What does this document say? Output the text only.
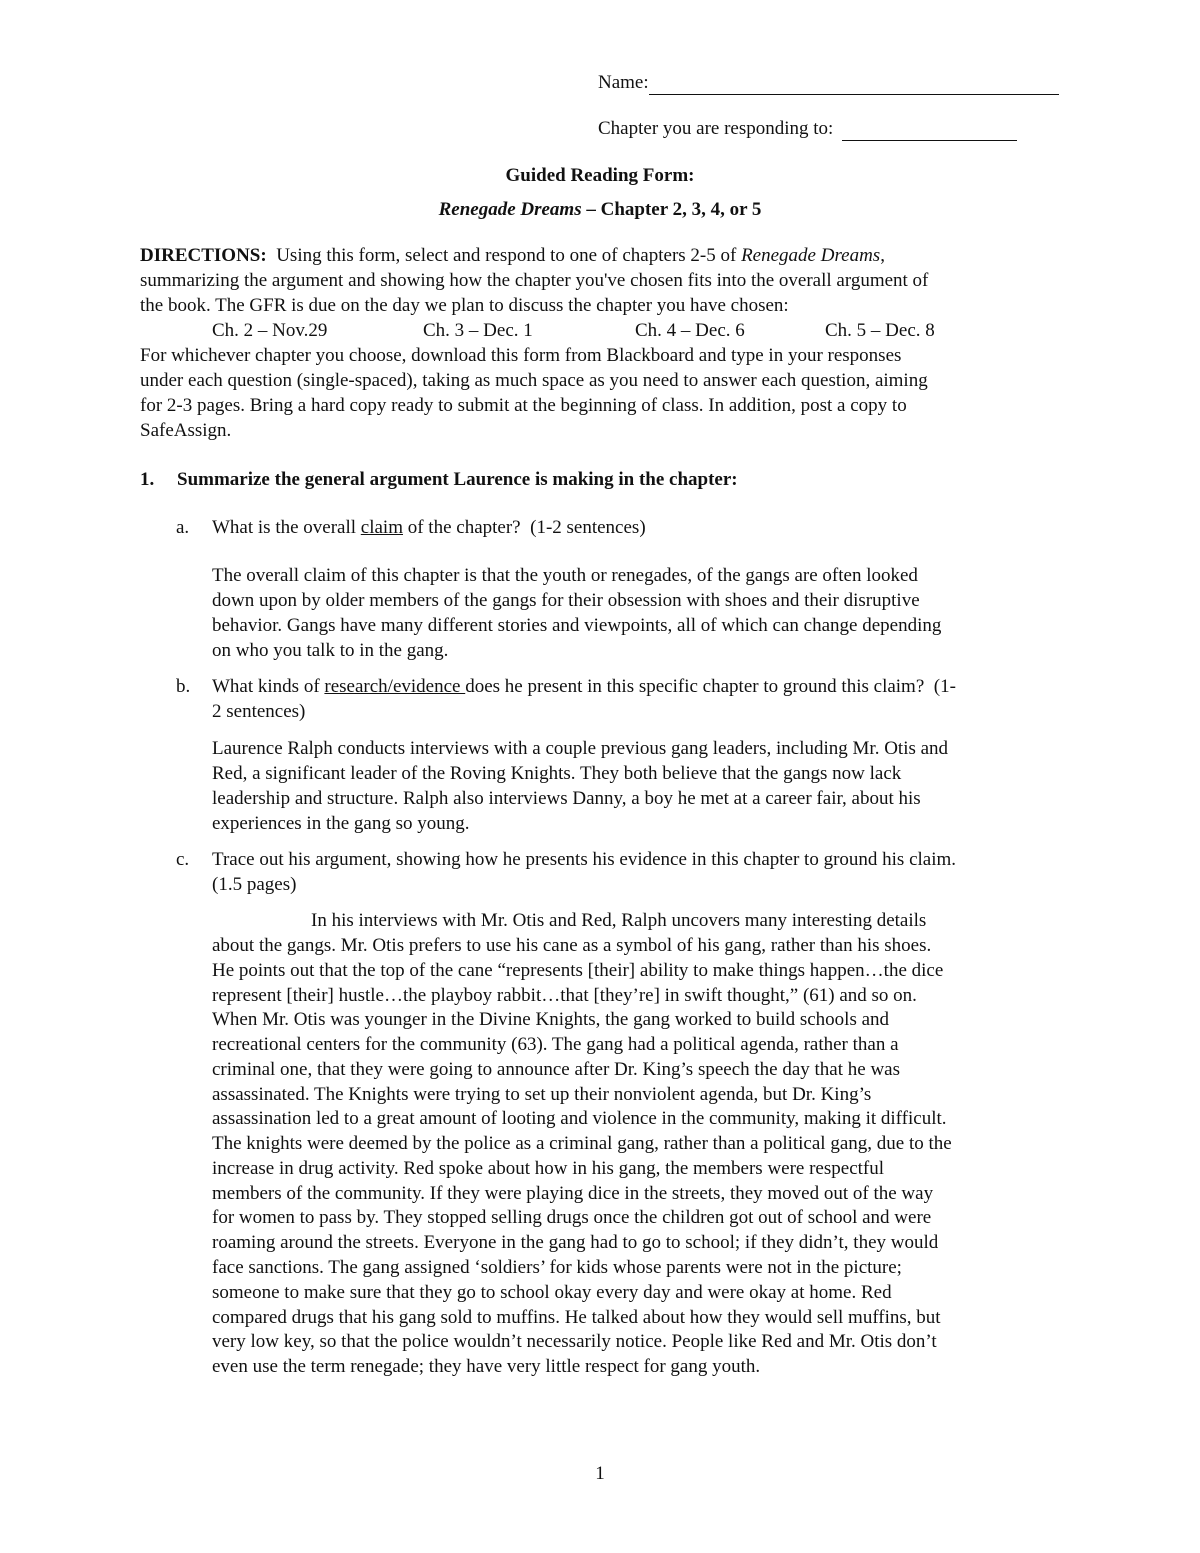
Name:
Chapter you are responding to:
Guided Reading Form:
Renegade Dreams – Chapter 2, 3, 4, or 5
DIRECTIONS:  Using this form, select and respond to one of chapters 2-5 of Renegade Dreams,
summarizing the argument and showing how the chapter you've chosen fits into the overall argument of
the book. The GFR is due on the day we plan to discuss the chapter you have chosen:
Ch. 2 – Nov.29	Ch. 3 – Dec. 1	Ch. 4 – Dec. 6	Ch. 5 – Dec. 8
For whichever chapter you choose, download this form from Blackboard and type in your responses
under each question (single-spaced), taking as much space as you need to answer each question, aiming
for 2-3 pages. Bring a hard copy ready to submit at the beginning of class. In addition, post a copy to
SafeAssign.
1. Summarize the general argument Laurence is making in the chapter:
a. What is the overall claim of the chapter?  (1-2 sentences)
The overall claim of this chapter is that the youth or renegades, of the gangs are often looked
down upon by older members of the gangs for their obsession with shoes and their disruptive
behavior. Gangs have many different stories and viewpoints, all of which can change depending
on who you talk to in the gang.
b. What kinds of research/evidence does he present in this specific chapter to ground this claim?  (1-
2 sentences)
Laurence Ralph conducts interviews with a couple previous gang leaders, including Mr. Otis and
Red, a significant leader of the Roving Knights. They both believe that the gangs now lack
leadership and structure. Ralph also interviews Danny, a boy he met at a career fair, about his
experiences in the gang so young.
c. Trace out his argument, showing how he presents his evidence in this chapter to ground his claim.
(1.5 pages)
In his interviews with Mr. Otis and Red, Ralph uncovers many interesting details
about the gangs. Mr. Otis prefers to use his cane as a symbol of his gang, rather than his shoes.
He points out that the top of the cane “represents [their] ability to make things happen…the dice
represent [their] hustle…the playboy rabbit…that [they’re] in swift thought,” (61) and so on.
When Mr. Otis was younger in the Divine Knights, the gang worked to build schools and
recreational centers for the community (63). The gang had a political agenda, rather than a
criminal one, that they were going to announce after Dr. King’s speech the day that he was
assassinated. The Knights were trying to set up their nonviolent agenda, but Dr. King’s
assassination led to a great amount of looting and violence in the community, making it difficult.
The knights were deemed by the police as a criminal gang, rather than a political gang, due to the
increase in drug activity. Red spoke about how in his gang, the members were respectful
members of the community. If they were playing dice in the streets, they moved out of the way
for women to pass by. They stopped selling drugs once the children got out of school and were
roaming around the streets. Everyone in the gang had to go to school; if they didn’t, they would
face sanctions. The gang assigned ‘soldiers’ for kids whose parents were not in the picture;
someone to make sure that they go to school okay every day and were okay at home. Red
compared drugs that his gang sold to muffins. He talked about how they would sell muffins, but
very low key, so that the police wouldn’t necessarily notice. People like Red and Mr. Otis don’t
even use the term renegade; they have very little respect for gang youth.
1
